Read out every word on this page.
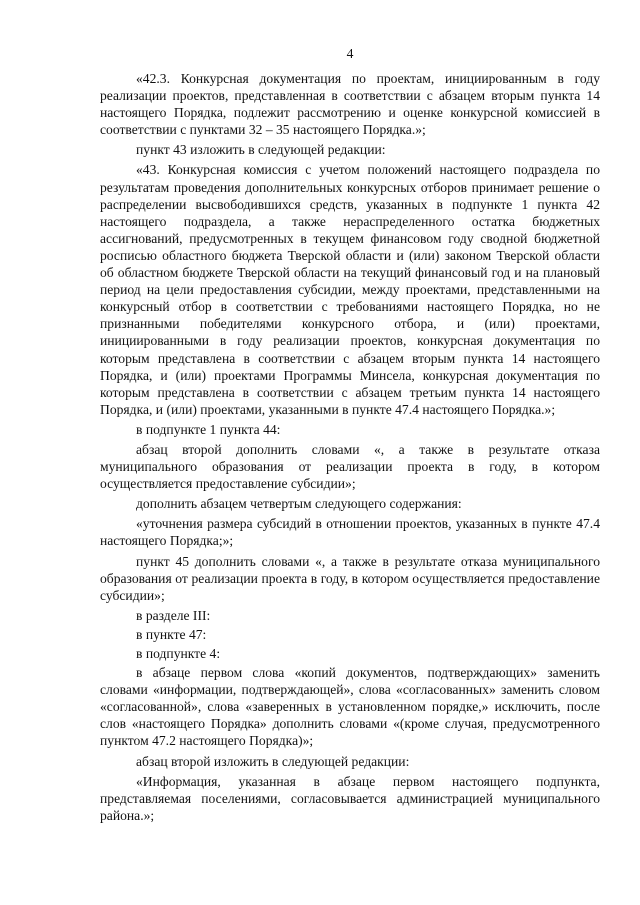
4

«42.3. Конкурсная документация по проектам, инициированным в году реализации проектов, представленная в соответствии с абзацем вторым пункта 14 настоящего Порядка, подлежит рассмотрению и оценке конкурсной комиссией в соответствии с пунктами 32 – 35 настоящего Порядка.»;

пункт 43 изложить в следующей редакции:

«43. Конкурсная комиссия с учетом положений настоящего подраздела по результатам проведения дополнительных конкурсных отборов принимает решение о распределении высвободившихся средств, указанных в подпункте 1 пункта 42 настоящего подраздела, а также нераспределенного остатка бюджетных ассигнований, предусмотренных в текущем финансовом году сводной бюджетной росписью областного бюджета Тверской области и (или) законом Тверской области об областном бюджете Тверской области на текущий финансовый год и на плановый период на цели предоставления субсидии, между проектами, представленными на конкурсный отбор в соответствии с требованиями настоящего Порядка, но не признанными победителями конкурсного отбора, и (или) проектами, инициированными в году реализации проектов, конкурсная документация по которым представлена в соответствии с абзацем вторым пункта 14 настоящего Порядка, и (или) проектами Программы Минсела, конкурсная документация по которым представлена в соответствии с абзацем третьим пункта 14 настоящего Порядка, и (или) проектами, указанными в пункте 47.4 настоящего Порядка.»;

в подпункте 1 пункта 44:

абзац второй дополнить словами «, а также в результате отказа муниципального образования от реализации проекта в году, в котором осуществляется предоставление субсидии»;

дополнить абзацем четвертым следующего содержания:

«уточнения размера субсидий в отношении проектов, указанных в пункте 47.4 настоящего Порядка;»;

пункт 45 дополнить словами «, а также в результате отказа муниципального образования от реализации проекта в году, в котором осуществляется предоставление субсидии»;

в разделе III:

в пункте 47:

в подпункте 4:

в абзаце первом слова «копий документов, подтверждающих» заменить словами «информации, подтверждающей», слова «согласованных» заменить словом «согласованной», слова «заверенных в установленном порядке,» исключить, после слов «настоящего Порядка» дополнить словами «(кроме случая, предусмотренного пунктом 47.2 настоящего Порядка)»;

абзац второй изложить в следующей редакции:

«Информация, указанная в абзаце первом настоящего подпункта, представляемая поселениями, согласовывается администрацией муниципального района.»;
